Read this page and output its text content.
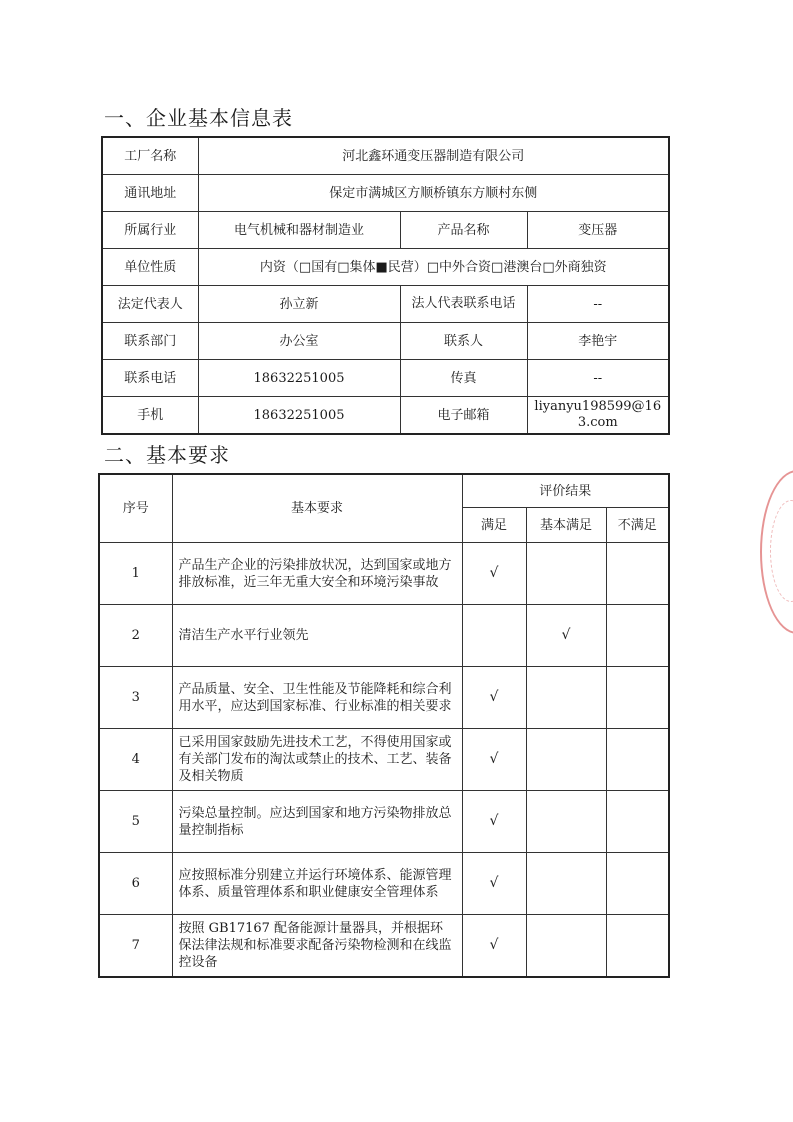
一、企业基本信息表
工厂名称	河北鑫环通变压器制造有限公司		
通讯地址	保定市满城区方顺桥镇东方顺村东侧		
所属行业	电气机械和器材制造业	产品名称	变压器
单位性质	内资（□国有□集体■民营）□中外合资□港澳台□外商独资		
法定代表人	孙立新	法人代表联系电话	--
联系部门	办公室	联系人	李艳宇
联系电话	18632251005	传真	--
手机	18632251005	电子邮箱	liyanyu198599@163.com
二、基本要求
序号	基本要求	评价结果		
		满足	基本满足	不满足
1	产品生产企业的污染排放状况，达到国家或地方排放标准，近三年无重大安全和环境污染事故	√		
2	清洁生产水平行业领先		√	
3	产品质量、安全、卫生性能及节能降耗和综合利用水平，应达到国家标准、行业标准的相关要求	√		
4	已采用国家鼓励先进技术工艺，不得使用国家或有关部门发布的淘汰或禁止的技术、工艺、装备及相关物质	√		
5	污染总量控制。应达到国家和地方污染物排放总量控制指标	√		
6	应按照标准分别建立并运行环境体系、能源管理体系、质量管理体系和职业健康安全管理体系	√		
7	按照 GB17167 配备能源计量器具，并根据环保法律法规和标准要求配备污染物检测和在线监控设备	√		
